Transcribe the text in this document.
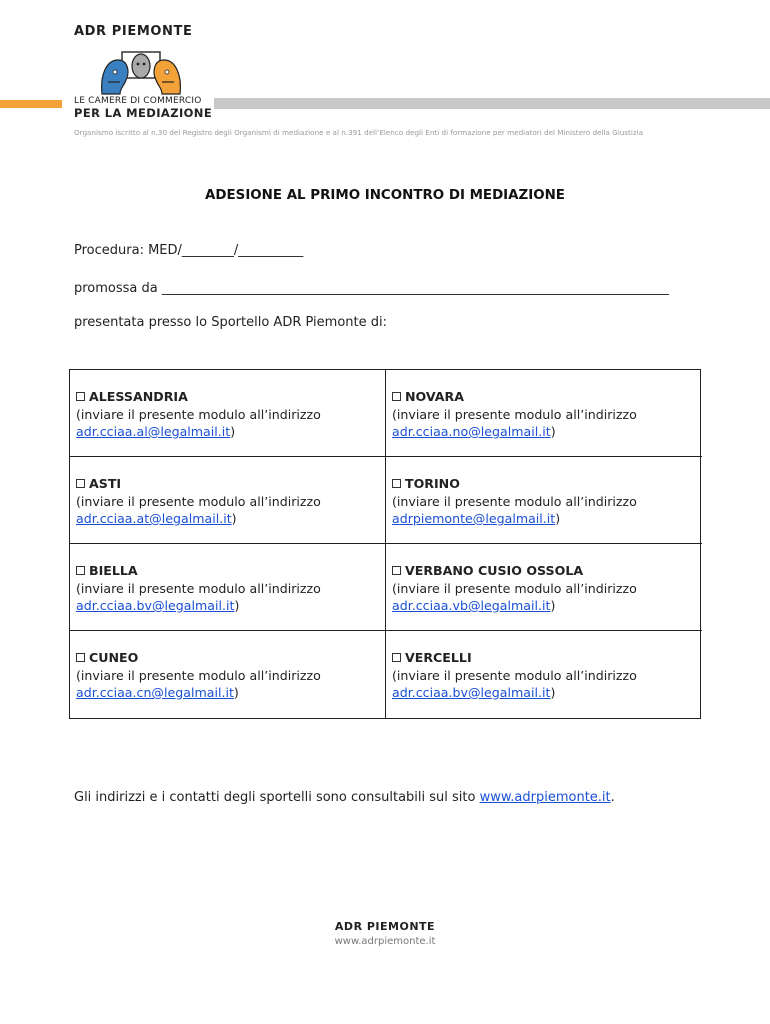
ADR PIEMONTE
LE CAMERE DI COMMERCIO
PER LA MEDIAZIONE
Organismo iscritto al n.30 del Registro degli Organismi di mediazione e al n.391 dell’Elenco degli Enti di formazione per mediatori del Ministero della Giustizia
ADESIONE AL PRIMO INCONTRO DI MEDIAZIONE
Procedura: MED/________/__________
promossa da ______________________________________________________________________________
presentata presso lo Sportello ADR Piemonte di:
ALESSANDRIA
(inviare il presente modulo all’indirizzo
adr.cciaa.al@legalmail.it)
NOVARA
(inviare il presente modulo all’indirizzo
adr.cciaa.no@legalmail.it)
ASTI
(inviare il presente modulo all’indirizzo
adr.cciaa.at@legalmail.it)
TORINO
(inviare il presente modulo all’indirizzo
adrpiemonte@legalmail.it)
BIELLA
(inviare il presente modulo all’indirizzo
adr.cciaa.bv@legalmail.it)
VERBANO CUSIO OSSOLA
(inviare il presente modulo all’indirizzo
adr.cciaa.vb@legalmail.it)
CUNEO
(inviare il presente modulo all’indirizzo
adr.cciaa.cn@legalmail.it)
VERCELLI
(inviare il presente modulo all’indirizzo
adr.cciaa.bv@legalmail.it)
Gli indirizzi e i contatti degli sportelli sono consultabili sul sito www.adrpiemonte.it.
ADR PIEMONTE
www.adrpiemonte.it
